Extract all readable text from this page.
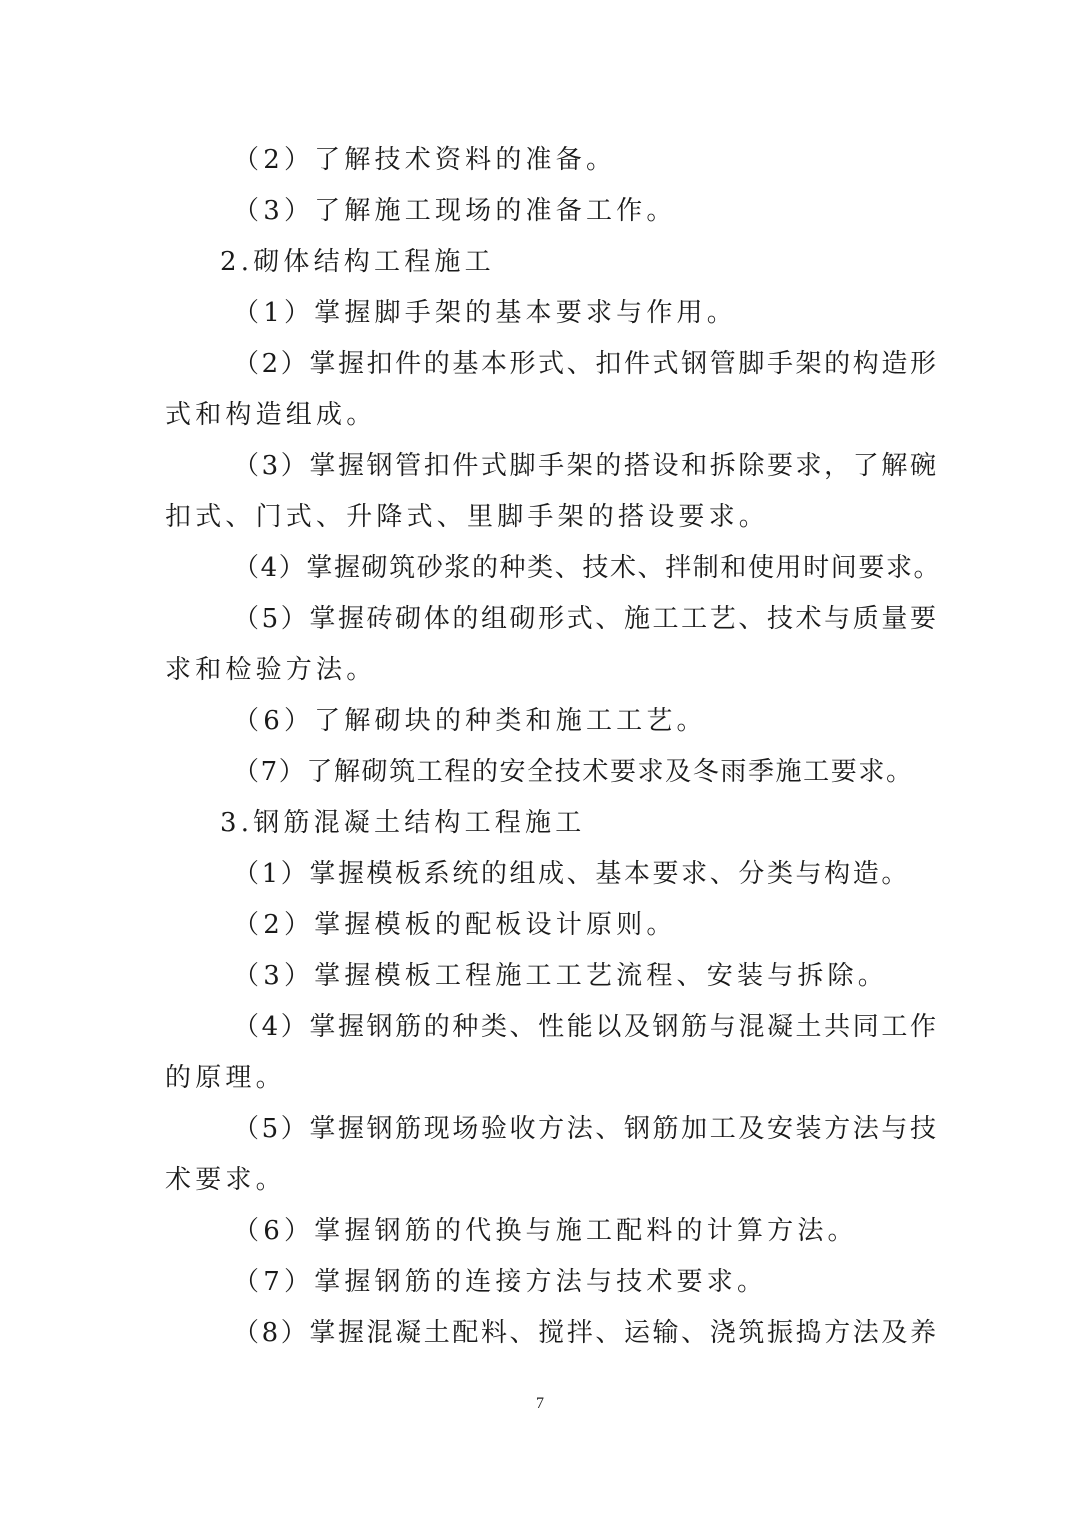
（2）了解技术资料的准备。
（3）了解施工现场的准备工作。
2.砌体结构工程施工
（1）掌握脚手架的基本要求与作用。
（2）掌握扣件的基本形式、扣件式钢管脚手架的构造形
式和构造组成。
（3）掌握钢管扣件式脚手架的搭设和拆除要求，了解碗
扣式、门式、升降式、里脚手架的搭设要求。
（4）掌握砌筑砂浆的种类、技术、拌制和使用时间要求。
（5）掌握砖砌体的组砌形式、施工工艺、技术与质量要
求和检验方法。
（6）了解砌块的种类和施工工艺。
（7）了解砌筑工程的安全技术要求及冬雨季施工要求。
3.钢筋混凝土结构工程施工
（1）掌握模板系统的组成、基本要求、分类与构造。
（2）掌握模板的配板设计原则。
（3）掌握模板工程施工工艺流程、安装与拆除。
（4）掌握钢筋的种类、性能以及钢筋与混凝土共同工作
的原理。
（5）掌握钢筋现场验收方法、钢筋加工及安装方法与技
术要求。
（6）掌握钢筋的代换与施工配料的计算方法。
（7）掌握钢筋的连接方法与技术要求。
（8）掌握混凝土配料、搅拌、运输、浇筑振捣方法及养
7
